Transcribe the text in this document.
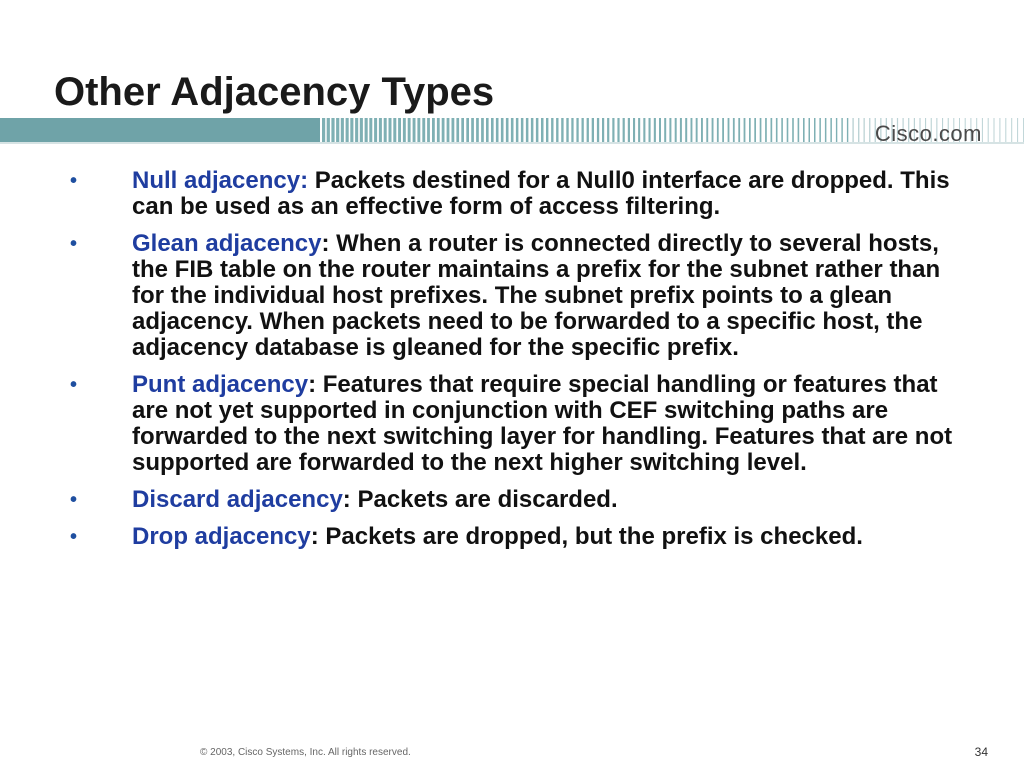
Other Adjacency Types
Cisco.com
•	Null adjacency: Packets destined for a Null0 interface are dropped. This can be used as an effective form of access filtering.
•	Glean adjacency: When a router is connected directly to several hosts, the FIB table on the router maintains a prefix for the subnet rather than for the individual host prefixes. The subnet prefix points to a glean adjacency. When packets need to be forwarded to a specific host, the adjacency database is gleaned for the specific prefix.
•	Punt adjacency: Features that require special handling or features that are not yet supported in conjunction with CEF switching paths are forwarded to the next switching layer for handling. Features that are not supported are forwarded to the next higher switching level.
•	Discard adjacency: Packets are discarded.
•	Drop adjacency: Packets are dropped, but the prefix is checked.
© 2003, Cisco Systems, Inc. All rights reserved.	34
